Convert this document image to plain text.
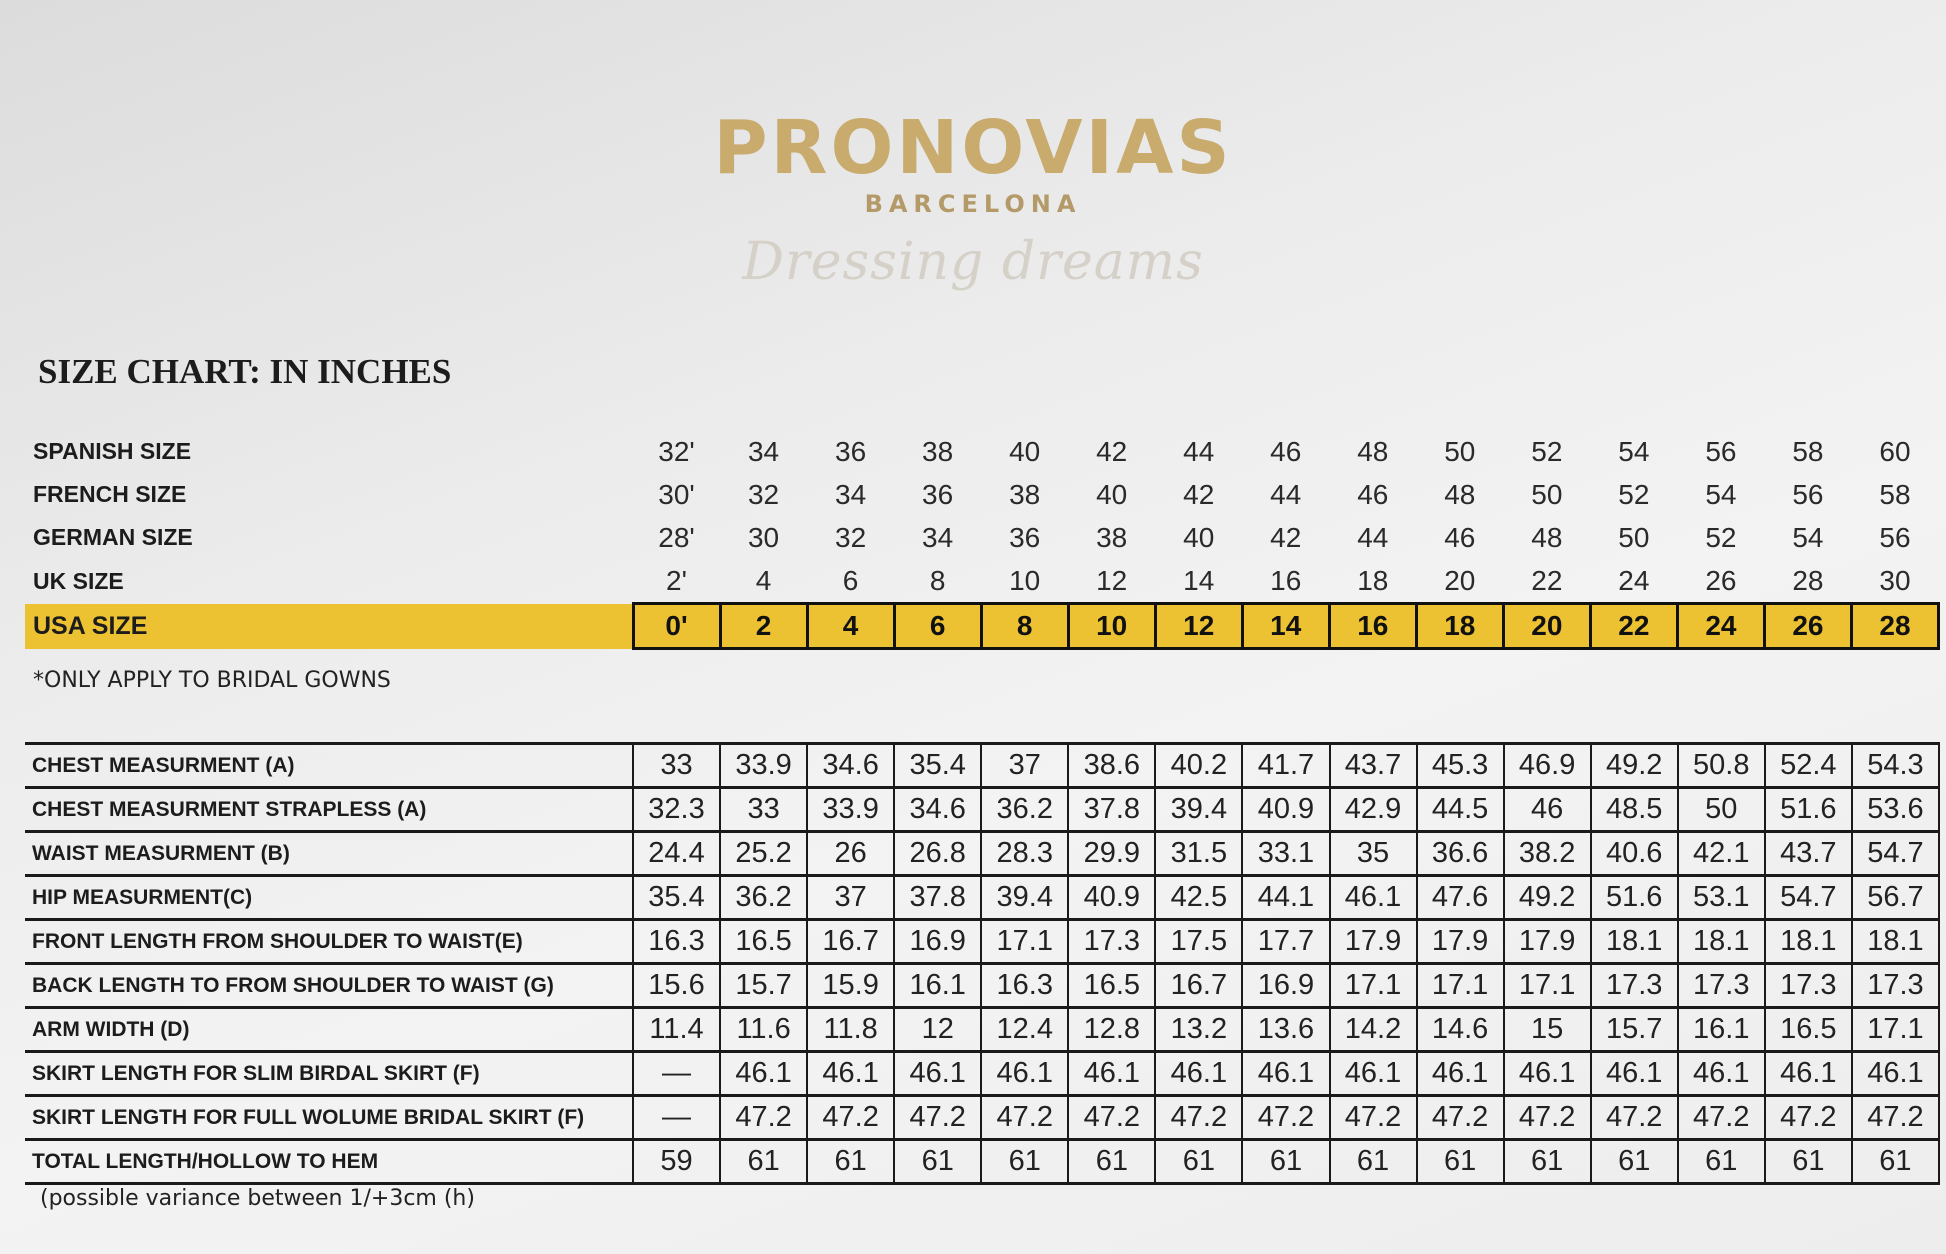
PRONOVIAS
BARCELONA
Dressing dreams
SIZE CHART: IN INCHES
SPANISH SIZE	32'	34	36	38	40	42	44	46	48	50	52	54	56	58	60
FRENCH SIZE	30'	32	34	36	38	40	42	44	46	48	50	52	54	56	58
GERMAN SIZE	28'	30	32	34	36	38	40	42	44	46	48	50	52	54	56
UK SIZE	2'	4	6	8	10	12	14	16	18	20	22	24	26	28	30
USA SIZE	0'	2	4	6	8	10	12	14	16	18	20	22	24	26	28
*ONLY APPLY TO BRIDAL GOWNS
CHEST MEASURMENT (A)	33	33.9	34.6	35.4	37	38.6	40.2	41.7	43.7	45.3	46.9	49.2	50.8	52.4	54.3
CHEST MEASURMENT STRAPLESS (A)	32.3	33	33.9	34.6	36.2	37.8	39.4	40.9	42.9	44.5	46	48.5	50	51.6	53.6
WAIST MEASURMENT (B)	24.4	25.2	26	26.8	28.3	29.9	31.5	33.1	35	36.6	38.2	40.6	42.1	43.7	54.7
HIP MEASURMENT(C)	35.4	36.2	37	37.8	39.4	40.9	42.5	44.1	46.1	47.6	49.2	51.6	53.1	54.7	56.7
FRONT LENGTH FROM SHOULDER TO WAIST(E)	16.3	16.5	16.7	16.9	17.1	17.3	17.5	17.7	17.9	17.9	17.9	18.1	18.1	18.1	18.1
BACK LENGTH TO FROM SHOULDER TO WAIST (G)	15.6	15.7	15.9	16.1	16.3	16.5	16.7	16.9	17.1	17.1	17.1	17.3	17.3	17.3	17.3
ARM WIDTH (D)	11.4	11.6	11.8	12	12.4	12.8	13.2	13.6	14.2	14.6	15	15.7	16.1	16.5	17.1
SKIRT LENGTH FOR SLIM BIRDAL SKIRT (F)	—	46.1	46.1	46.1	46.1	46.1	46.1	46.1	46.1	46.1	46.1	46.1	46.1	46.1	46.1
SKIRT LENGTH FOR FULL WOLUME BRIDAL SKIRT (F)	—	47.2	47.2	47.2	47.2	47.2	47.2	47.2	47.2	47.2	47.2	47.2	47.2	47.2	47.2
TOTAL LENGTH/HOLLOW TO HEM	59	61	61	61	61	61	61	61	61	61	61	61	61	61	61
(possible variance between 1/+3cm (h)
